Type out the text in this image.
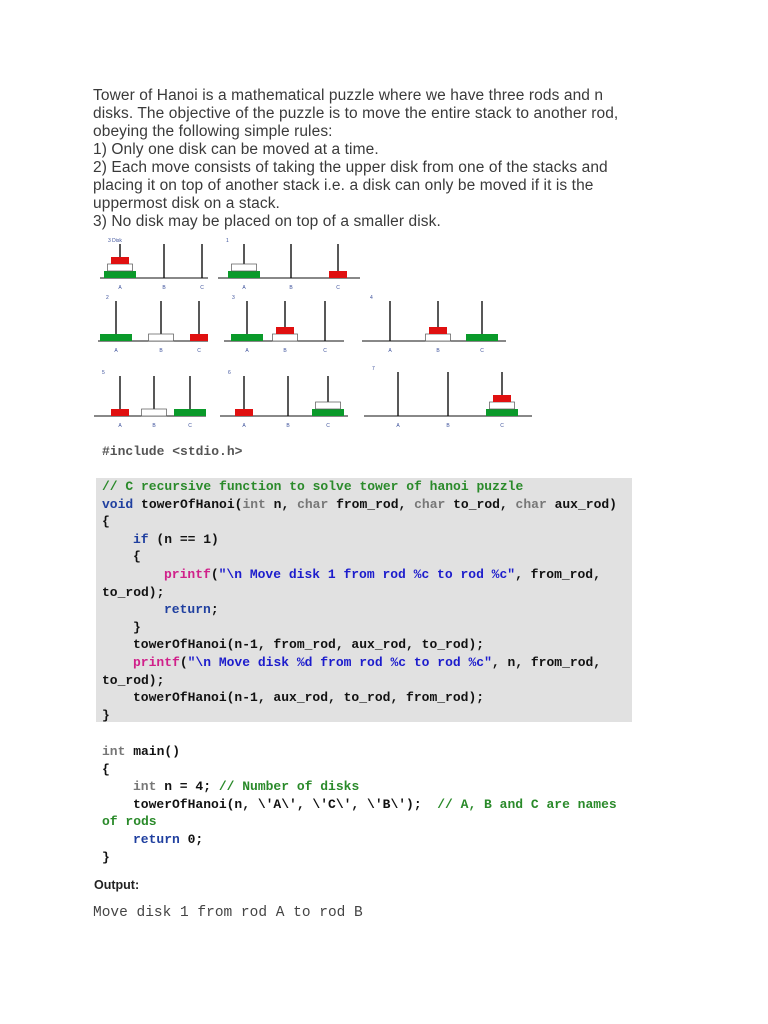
Tower of Hanoi is a mathematical puzzle where we have three rods and n

disks. The objective of the puzzle is to move the entire stack to another rod,

obeying the following simple rules:

1) Only one disk can be moved at a time.

2) Each move consists of taking the upper disk from one of the stacks and

placing it on top of another stack i.e. a disk can only be moved if it is the

uppermost disk on a stack.

3) No disk may be placed on top of a smaller disk.

3 Disk
A	B	C
1
A	B	C
2
A	B	C
3
A	B	C
4
A	B	C
5
A	B	C
6
A	B	C
7
A	B	C
#include <stdio.h>

// C recursive function to solve tower of hanoi puzzle

void towerOfHanoi(int n, char from_rod, char to_rod, char aux_rod)

{

if (n == 1)

{

printf("\n Move disk 1 from rod %c to rod %c", from_rod,

to_rod);

return;

}

towerOfHanoi(n-1, from_rod, aux_rod, to_rod);

printf("\n Move disk %d from rod %c to rod %c", n, from_rod,

to_rod);

towerOfHanoi(n-1, aux_rod, to_rod, from_rod);

}

int main()

{

int n = 4; // Number of disks

towerOfHanoi(n, \'A\', \'C\', \'B\');  // A, B and C are names

of rods

return 0;

}

Output:
Move disk 1 from rod A to rod B
